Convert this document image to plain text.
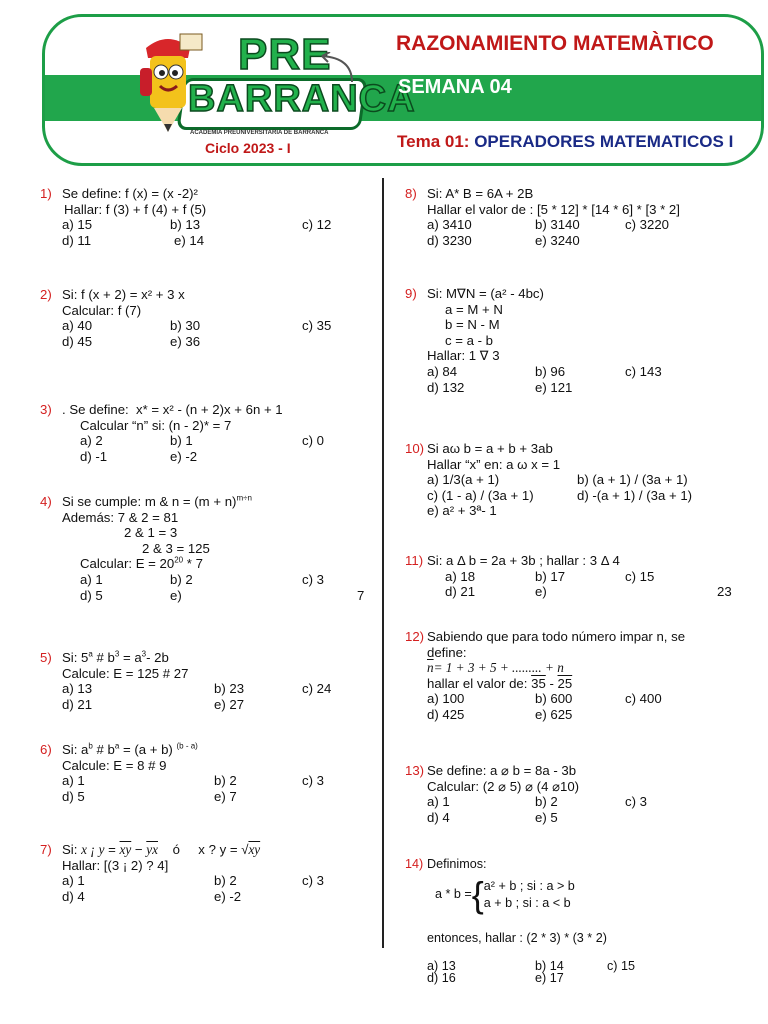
PRE
BARRANCA
ACADEMIA PREUNIVERSITARIA DE BARRANCA
Ciclo 2023 - I
RAZONAMIENTO MATEMÀTICO
SEMANA 04
Tema 01: OPERADORES MATEMATICOS I
1) Se define: f (x) = (x -2)²
Hallar: f (3) + f (4) + f (5)
a) 15	b) 13	c) 12
d) 11	e) 14
2) Si: f (x + 2) = x² + 3 x
Calcular: f (7)
a) 40	b) 30	c) 35
d) 45	e) 36
3) . Se define: x* = x² - (n + 2)x + 6n + 1
Calcular “n” si: (n - 2)* = 7
a) 2	b) 1	c) 0
d) -1	e) -2
4) Si se cumple: m & $n = (m + n)^{m\div n}$
Además: 7 & 2 = 81
2 & 1 = 3
2 & 3 = 125
Calcular: $E = 20^{20} * 7$
a) 1	b) 2	c) 3
d) 5	e)	7
5) Si: 5$^a$ # $b^3 = a^3-$ 2b
Calcule: E = 125 # 27
a) 13	b) 23	c) 24
d) 21	e) 27
6) Si: $a^b$ # $b^a = (a + b)$ $^{(b - a)}$
Calcule: E = 8 # 9
a) 1	b) 2	c) 3
d) 5	e) 7
7) Si: x ¡ $y = \overline{xy} - \overline{yx}$    ó     x ? y = √xy
Hallar: [(3 ¡ 2) ? 4]
a) 1	b) 2	c) 3
d) 4	e) -2
8) Si: A* B = 6A + 2B
Hallar el valor de : [5 * 12] * [14 * 6] * [3 * 2]
a) 3410	b) 3140	c) 3220
d) 3230	e) 3240
9) Si: M∇N = (a² - 4bc)
a = M + N
b = N - M
c = a - b
Hallar: 1 ∇ 3
a) 84	b) 96	c) 143
d) 132	e) 121
10) Si aω b = a + b + 3ab
Hallar “x” en: a ω x = 1
a) 1/3(a + 1)	b) (a + 1) / (3a + 1)
c) (1 - a) / (3a + 1)	d) -(a + 1) / (3a + 1)
e) a² + 3ª- 1
11) Si: a Δ b = 2a + 3b ; hallar : 3 Δ 4
a) 18	b) 17	c) 15
d) 21	e)	23
12) Sabiendo que para todo número impar n, se
define:
$\overline{n}= 1 + 3 + 5$ + ......... + n
hallar el valor de: 35 - 25
a) 100	b) 600	c) 400
d) 425	e) 625
13) Se define: a ⌀ b = 8a - 3b
Calcular: (2 ⌀ 5) ⌀ (4 ⌀10)
a) 1	b) 2	c) 3
d) 4	e) 5
14) Definimos:
a * b ={ a² + b ; si : a > b
a + b ; si : a < b
entonces, hallar : (2 * 3) * (3 * 2)
a) 13	b) 14	c) 15
d) 16	e) 17
